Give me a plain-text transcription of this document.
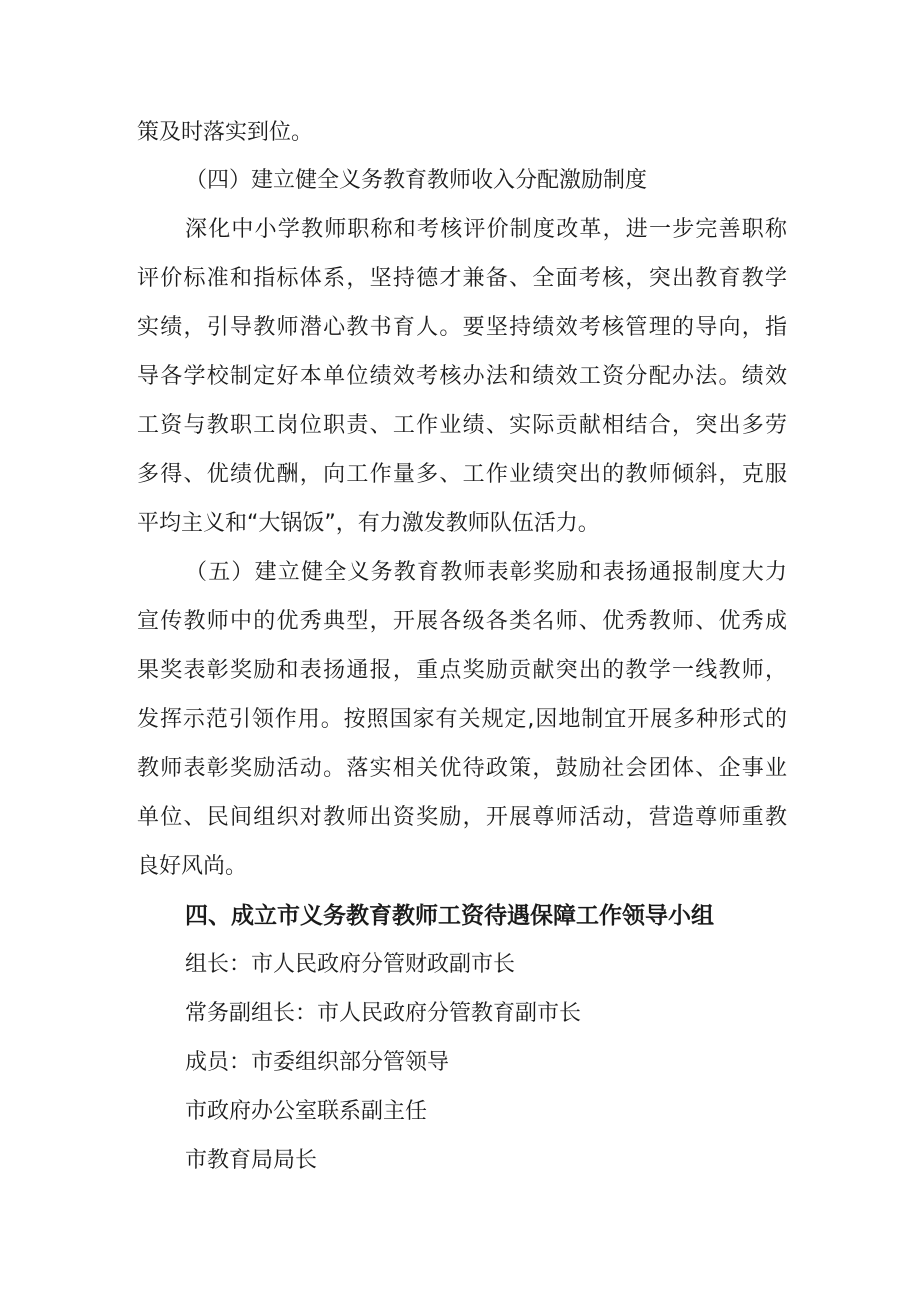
策及时落实到位。
（四）建立健全义务教育教师收入分配激励制度
深化中小学教师职称和考核评价制度改革，进一步完善职称
评价标准和指标体系，坚持德才兼备、全面考核，突出教育教学
实绩，引导教师潜心教书育人。要坚持绩效考核管理的导向，指
导各学校制定好本单位绩效考核办法和绩效工资分配办法。绩效
工资与教职工岗位职责、工作业绩、实际贡献相结合，突出多劳
多得、优绩优酬，向工作量多、工作业绩突出的教师倾斜，克服
平均主义和“大锅饭”，有力激发教师队伍活力。
（五）建立健全义务教育教师表彰奖励和表扬通报制度大力
宣传教师中的优秀典型，开展各级各类名师、优秀教师、优秀成
果奖表彰奖励和表扬通报，重点奖励贡献突出的教学一线教师，
发挥示范引领作用。按照国家有关规定,因地制宜开展多种形式的
教师表彰奖励活动。落实相关优待政策，鼓励社会团体、企事业
单位、民间组织对教师出资奖励，开展尊师活动，营造尊师重教
良好风尚。
四、成立市义务教育教师工资待遇保障工作领导小组
组长：市人民政府分管财政副市长
常务副组长：市人民政府分管教育副市长
成员：市委组织部分管领导
市政府办公室联系副主任
市教育局局长
